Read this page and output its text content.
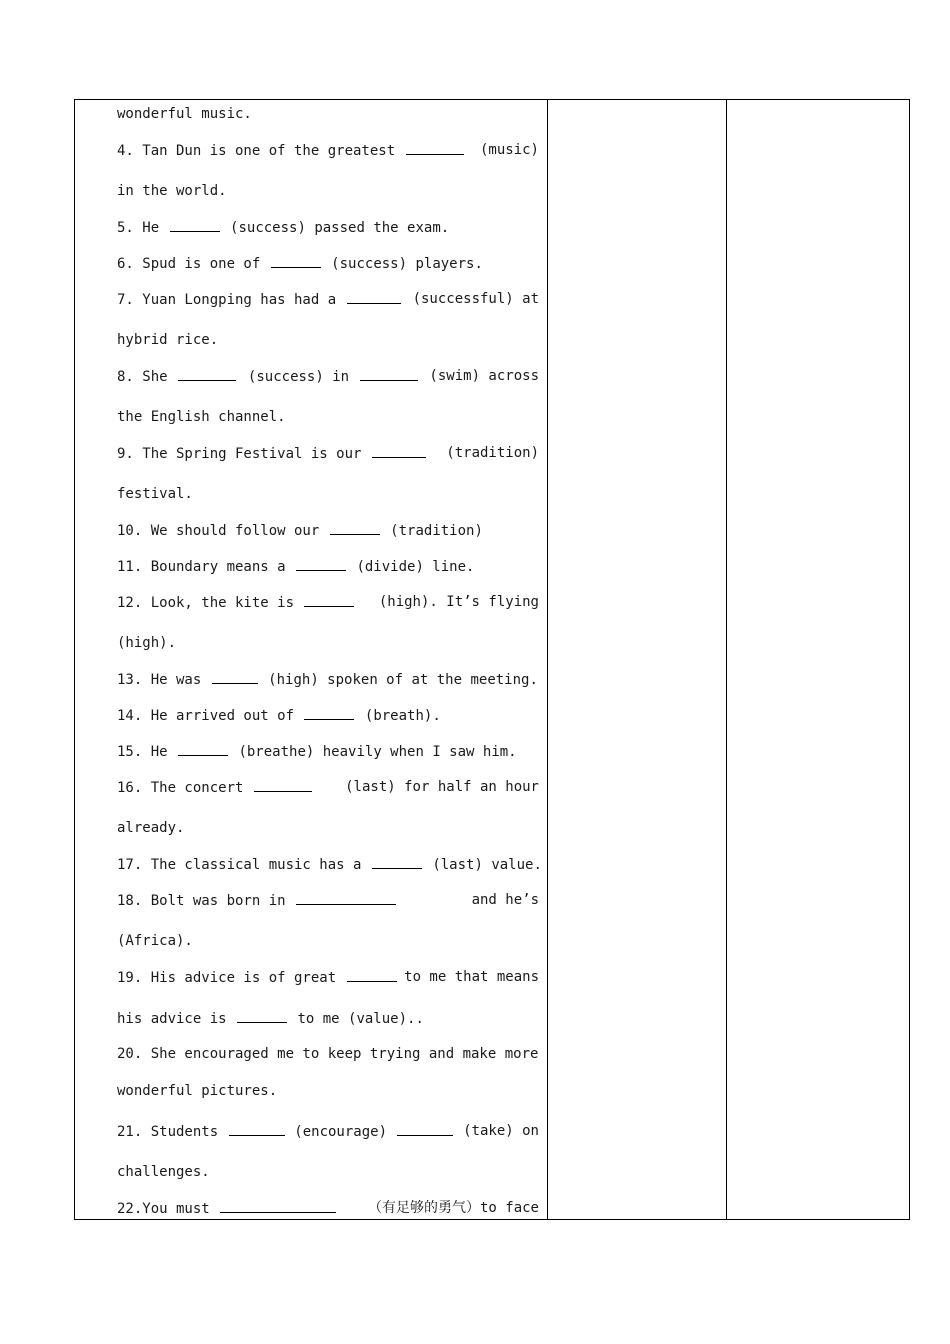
wonderful music.
4. Tan Dun is one of the greatest	(music)
in the world.
5. He	(success) passed the exam.
6. Spud is one of	(success) players.
7. Yuan Longping has had a	(successful) at
hybrid rice.
8. She	(success) in	(swim) across
the English channel.
9. The Spring Festival is our	(tradition)
festival.
10. We should follow our	(tradition)
11. Boundary means a	(divide) line.
12. Look, the kite is	(high). It’s flying
(high).
13. He was	(high) spoken of at the meeting.
14. He arrived out of	(breath).
15. He	(breathe) heavily when I saw him.
16. The concert	(last) for half an hour
already.
17. The classical music has a	(last) value.
18. Bolt was born in	and he’s
(Africa).
19. His advice is of great	to me that means
his advice is	to me (value)..
20. She encouraged me to keep trying and make more
wonderful pictures.
21. Students	(encourage)	(take) on
challenges.
22.You must	（有足够的勇气）to face
